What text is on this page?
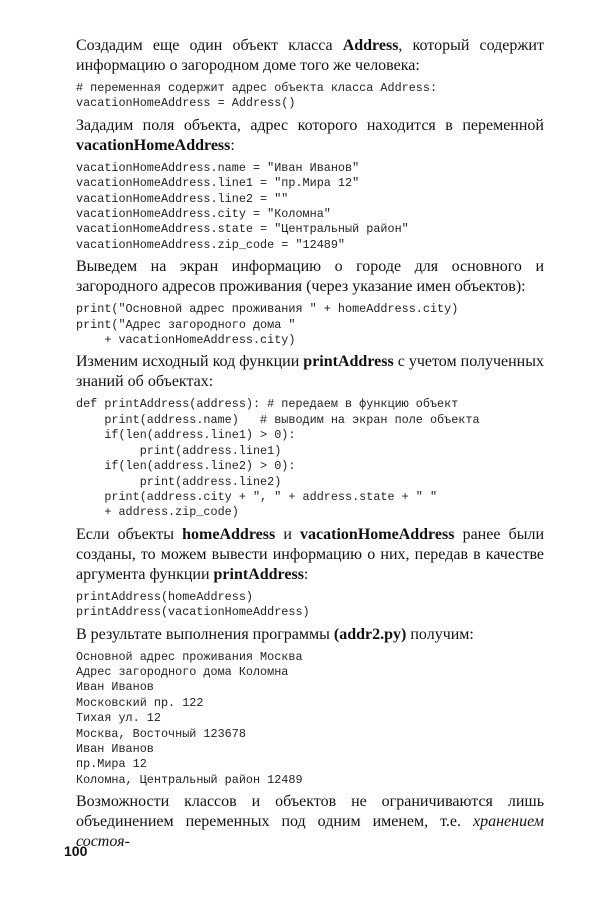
Создадим еще один объект класса Address, который содержит информацию о загородном доме того же человека:

# переменная содержит адрес объекта класса Address:
vacationHomeAddress = Address()

Зададим поля объекта, адрес которого находится в переменной vacationHomeAddress:

vacationHomeAddress.name = "Иван Иванов"
vacationHomeAddress.line1 = "пр.Мира 12"
vacationHomeAddress.line2 = ""
vacationHomeAddress.city = "Коломна"
vacationHomeAddress.state = "Центральный район"
vacationHomeAddress.zip_code = "12489"

Выведем на экран информацию о городе для основного и загородного адресов проживания (через указание имен объектов):

print("Основной адрес проживания " + homeAddress.city)
print("Адрес загородного дома "
+ vacationHomeAddress.city)

Изменим исходный код функции printAddress с учетом полученных знаний об объектах:

def printAddress(address): # передаем в функцию объект
print(address.name)   # выводим на экран поле объекта
if(len(address.line1) > 0):
print(address.line1)
if(len(address.line2) > 0):
print(address.line2)
print(address.city + ", " + address.state + " "
+ address.zip_code)

Если объекты homeAddress и vacationHomeAddress ранее были созданы, то можем вывести информацию о них, передав в качестве аргумента функции printAddress:

printAddress(homeAddress)
printAddress(vacationHomeAddress)

В результате выполнения программы (addr2.py) получим:

Основной адрес проживания Москва
Адрес загородного дома Коломна
Иван Иванов
Московский пр. 122
Тихая ул. 12
Москва, Восточный 123678
Иван Иванов
пр.Мира 12
Коломна, Центральный район 12489

Возможности классов и объектов не ограничиваются лишь объединением переменных под одним именем, т.е. хранением состоя-

100
